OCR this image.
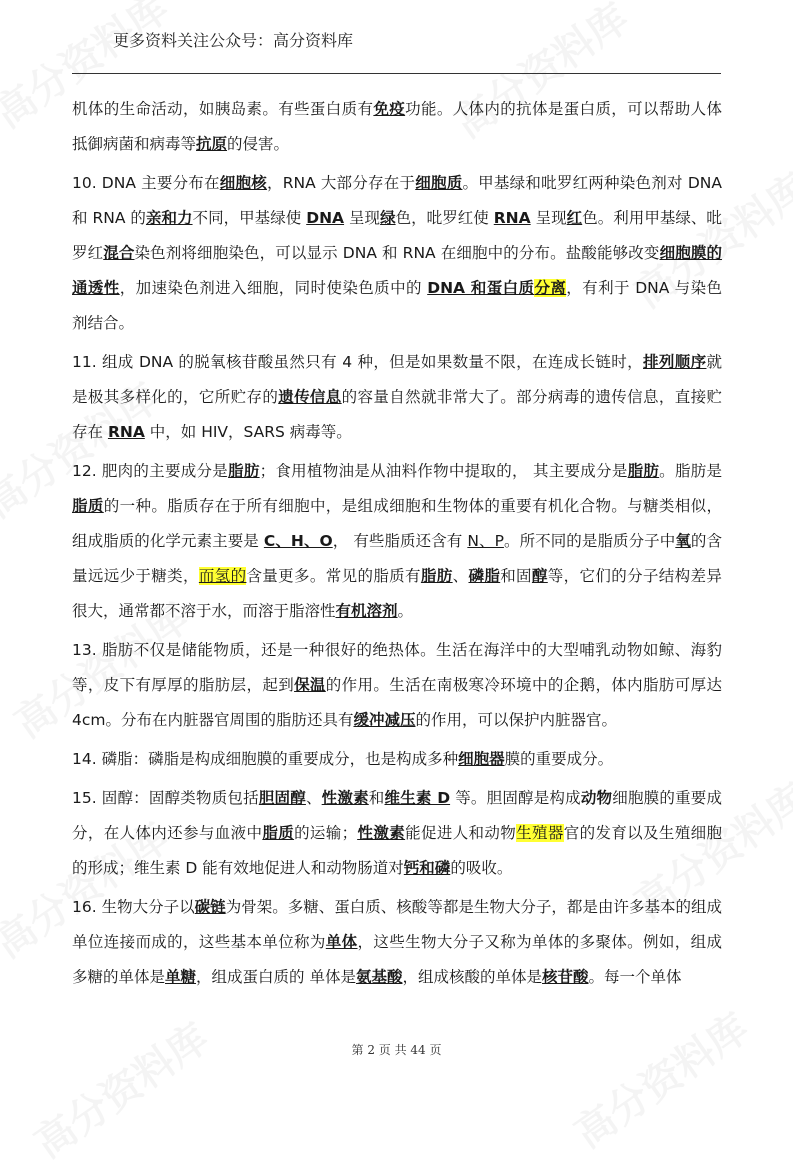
更多资料关注公众号：高分资料库

机体的生命活动，如胰岛素。有些蛋白质有免疫功能。人体内的抗体是蛋白质，可以帮助人体抵御病菌和病毒等抗原的侵害。

10. DNA 主要分布在细胞核，RNA 大部分存在于细胞质。甲基绿和吡罗红两种染色剂对 DNA 和 RNA 的亲和力不同，甲基绿使 DNA 呈现绿色，吡罗红使 RNA 呈现红色。利用甲基绿、吡罗红混合染色剂将细胞染色，可以显示 DNA 和 RNA 在细胞中的分布。盐酸能够改变细胞膜的通透性，加速染色剂进入细胞，同时使染色质中的 DNA 和蛋白质分离，有利于 DNA 与染色剂结合。

11. 组成 DNA 的脱氧核苷酸虽然只有 4 种，但是如果数量不限，在连成长链时，排列顺序就是极其多样化的，它所贮存的遗传信息的容量自然就非常大了。部分病毒的遗传信息，直接贮存在 RNA 中，如 HIV，SARS 病毒等。

12. 肥肉的主要成分是脂肪；食用植物油是从油料作物中提取的， 其主要成分是脂肪。脂肪是脂质的一种。脂质存在于所有细胞中，是组成细胞和生物体的重要有机化合物。与糖类相似，组成脂质的化学元素主要是 C、H、O， 有些脂质还含有 N、P。所不同的是脂质分子中氧的含量远远少于糖类，而氢的含量更多。常见的脂质有脂肪、磷脂和固醇等，它们的分子结构差异很大，通常都不溶于水，而溶于脂溶性有机溶剂。

13. 脂肪不仅是储能物质，还是一种很好的绝热体。生活在海洋中的大型哺乳动物如鲸、海豹等，皮下有厚厚的脂肪层，起到保温的作用。生活在南极寒冷环境中的企鹅，体内脂肪可厚达 4cm。分布在内脏器官周围的脂肪还具有缓冲减压的作用，可以保护内脏器官。

14. 磷脂：磷脂是构成细胞膜的重要成分，也是构成多种细胞器膜的重要成分。

15. 固醇：固醇类物质包括胆固醇、性激素和维生素 D 等。胆固醇是构成动物细胞膜的重要成分，在人体内还参与血液中脂质的运输；性激素能促进人和动物生殖器官的发育以及生殖细胞的形成；维生素 D 能有效地促进人和动物肠道对钙和磷的吸收。

16. 生物大分子以碳链为骨架。多糖、蛋白质、核酸等都是生物大分子，都是由许多基本的组成单位连接而成的，这些基本单位称为单体，这些生物大分子又称为单体的多聚体。例如，组成多糖的单体是单糖，组成蛋白质的 单体是氨基酸，组成核酸的单体是核苷酸。每一个单体

第 2 页 共 44 页
